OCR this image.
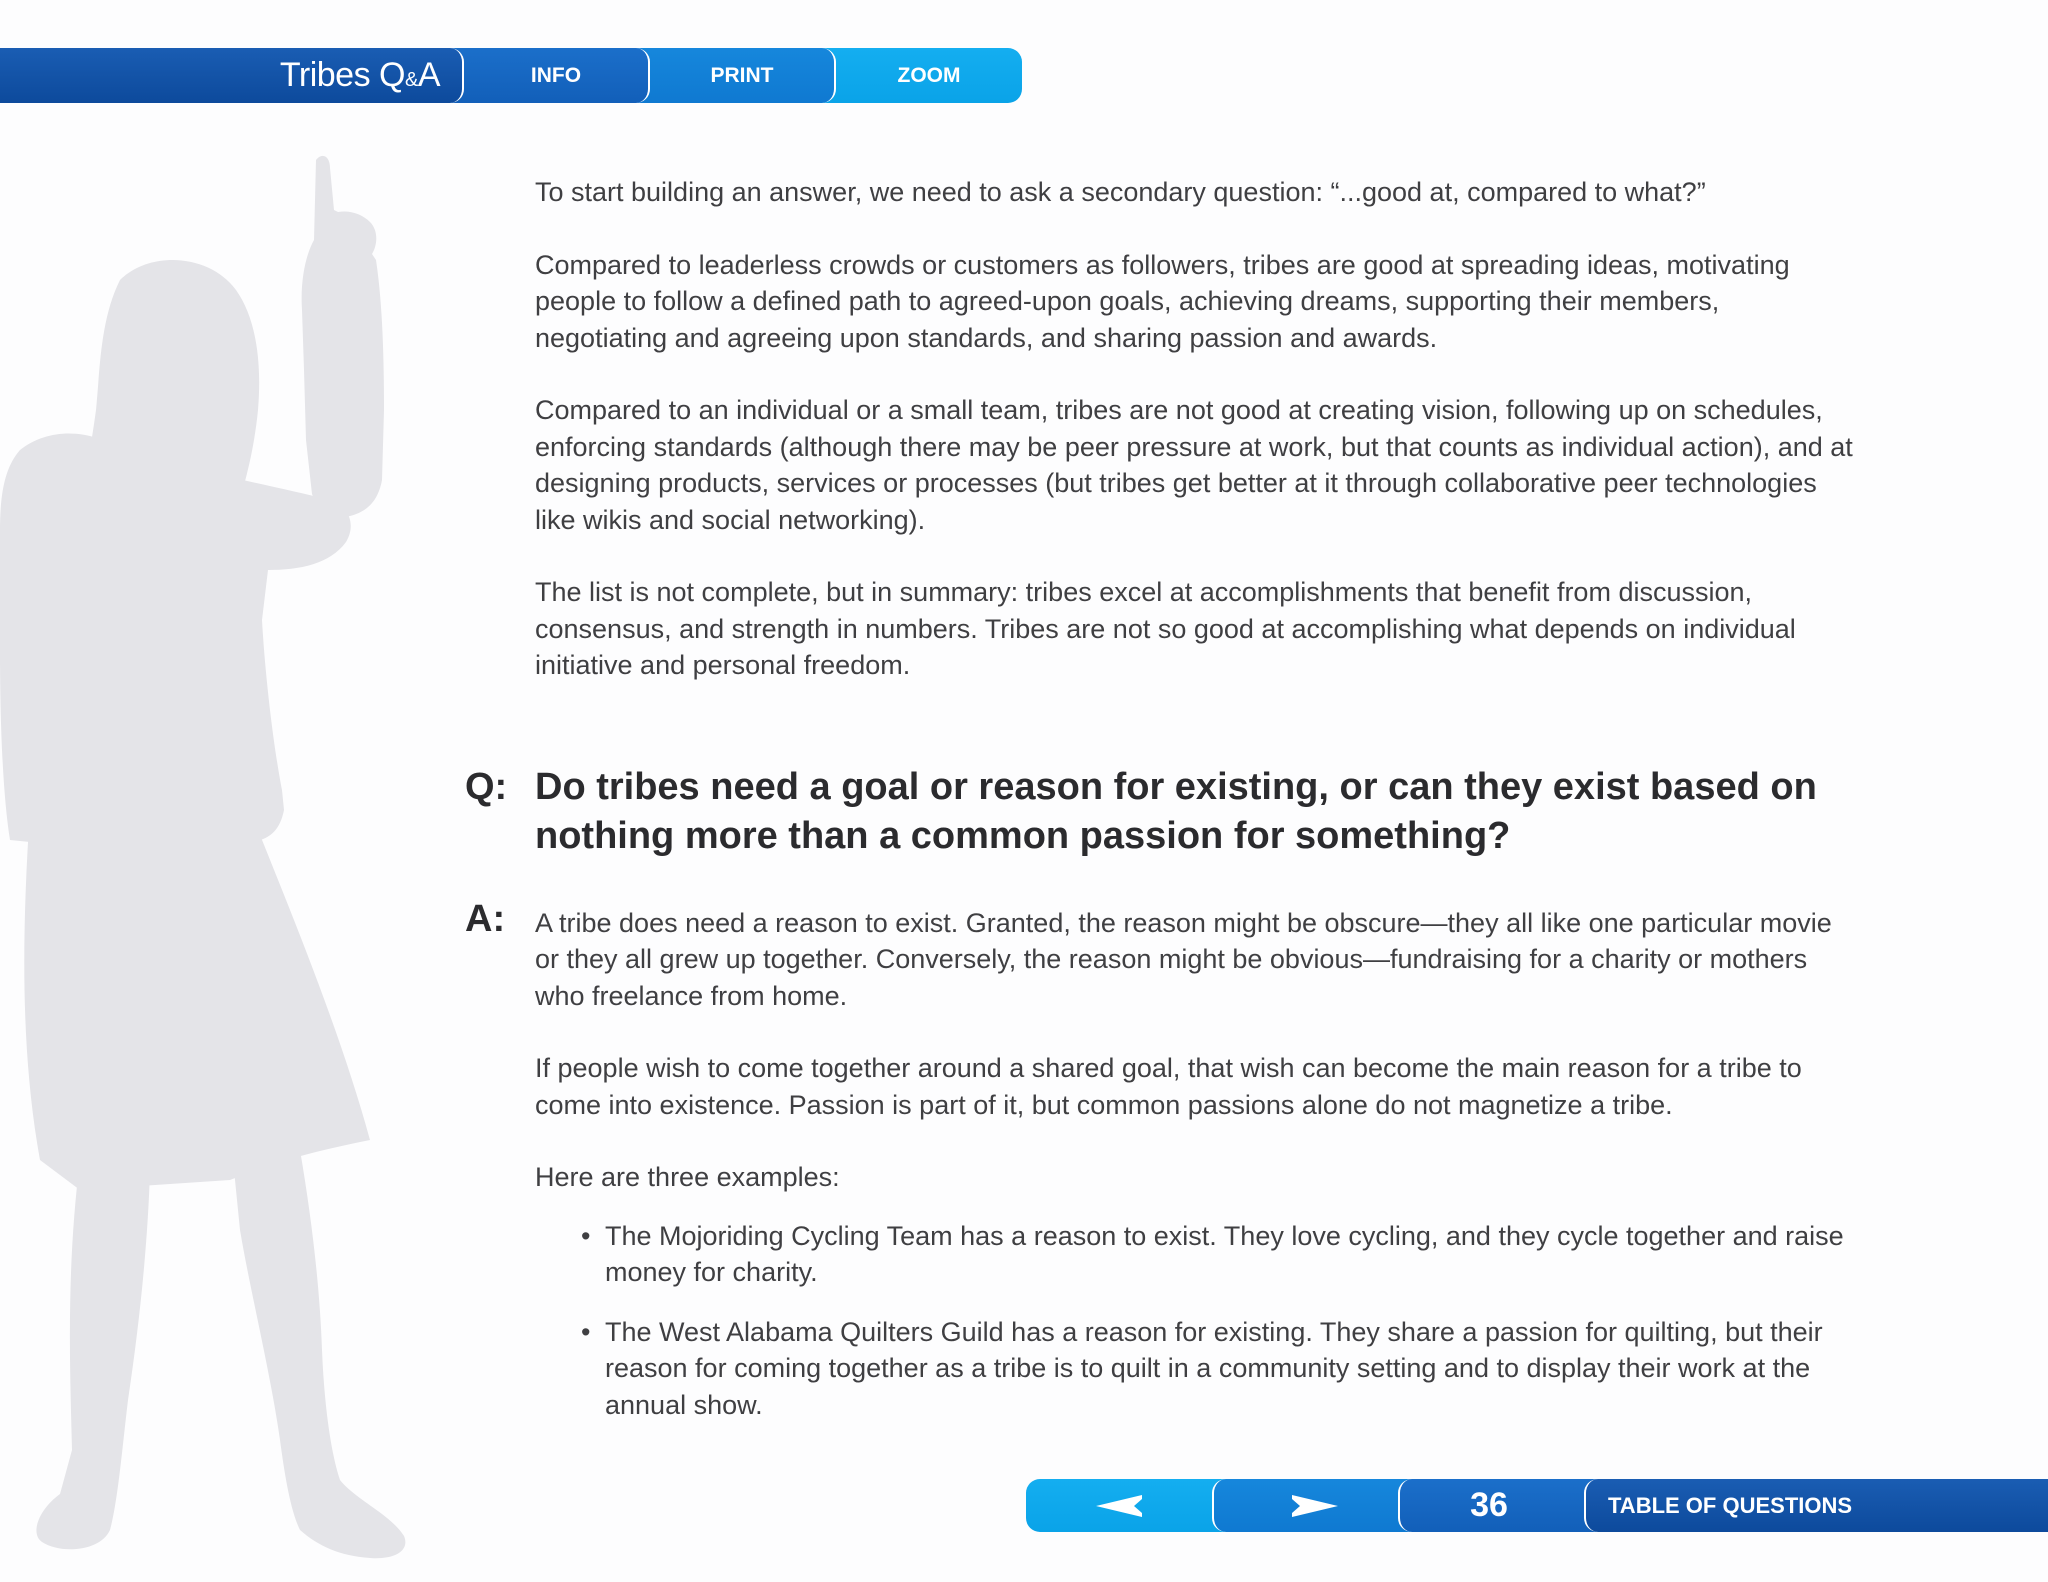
Tribes Q&A	INFO	PRINT	ZOOM

To start building an answer, we need to ask a secondary question: “...good at, compared to what?”

Compared to leaderless crowds or customers as followers, tribes are good at spreading ideas, motivating people to follow a defined path to agreed-upon goals, achieving dreams, supporting their members, negotiating and agreeing upon standards, and sharing passion and awards.

Compared to an individual or a small team, tribes are not good at creating vision, following up on schedules, enforcing standards (although there may be peer pressure at work, but that counts as individual action), and at designing products, services or processes (but tribes get better at it through collaborative peer technologies like wikis and social networking).

The list is not complete, but in summary: tribes excel at accomplishments that benefit from discussion, consensus, and strength in numbers. Tribes are not so good at accomplishing what depends on individual initiative and personal freedom.

Q: Do tribes need a goal or reason for existing, or can they exist based on nothing more than a common passion for something?
A: A tribe does need a reason to exist. Granted, the reason might be obscure—they all like one particular movie or they all grew up together. Conversely, the reason might be obvious—fundraising for a charity or mothers who freelance from home.

If people wish to come together around a shared goal, that wish can become the main reason for a tribe to come into existence. Passion is part of it, but common passions alone do not magnetize a tribe.

Here are three examples:

• The Mojoriding Cycling Team has a reason to exist. They love cycling, and they cycle together and raise money for charity.
• The West Alabama Quilters Guild has a reason for existing. They share a passion for quilting, but their reason for coming together as a tribe is to quilt in a community setting and to display their work at the annual show.
36	TABLE OF QUESTIONS
